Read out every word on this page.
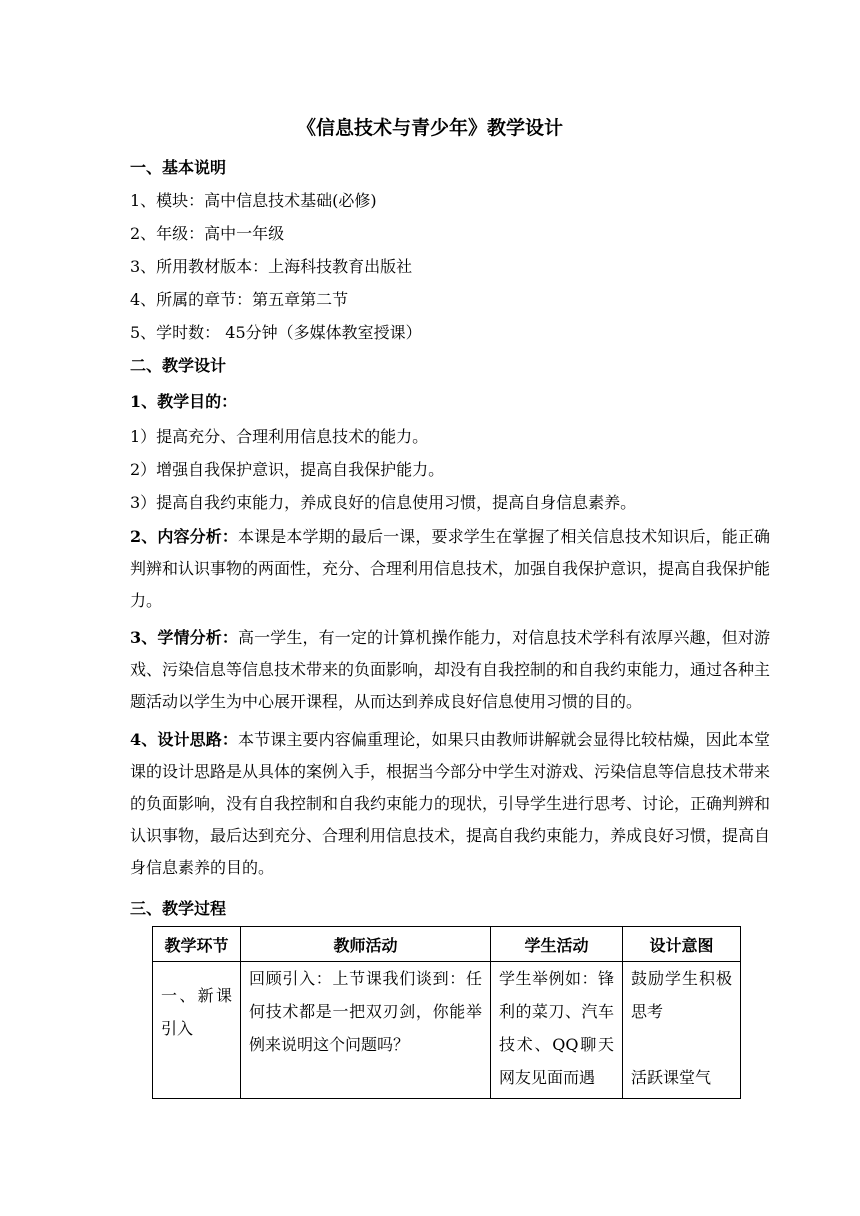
《信息技术与青少年》教学设计
一、基本说明
1、模块：高中信息技术基础(必修)
2、年级：高中一年级
3、所用教材版本：上海科技教育出版社
4、所属的章节：第五章第二节
5、学时数： 45分钟（多媒体教室授课）
二、教学设计
1、教学目的：
1）提高充分、合理利用信息技术的能力。
2）增强自我保护意识，提高自我保护能力。
3）提高自我约束能力，养成良好的信息使用习惯，提高自身信息素养。
2、内容分析：本课是本学期的最后一课，要求学生在掌握了相关信息技术知识后，能正确判辨和认识事物的两面性，充分、合理利用信息技术，加强自我保护意识，提高自我保护能力。
3、学情分析：高一学生，有一定的计算机操作能力，对信息技术学科有浓厚兴趣，但对游戏、污染信息等信息技术带来的负面影响，却没有自我控制的和自我约束能力，通过各种主题活动以学生为中心展开课程，从而达到养成良好信息使用习惯的目的。
4、设计思路：本节课主要内容偏重理论，如果只由教师讲解就会显得比较枯燥，因此本堂课的设计思路是从具体的案例入手，根据当今部分中学生对游戏、污染信息等信息技术带来的负面影响，没有自我控制和自我约束能力的现状，引导学生进行思考、讨论，正确判辨和认识事物，最后达到充分、合理利用信息技术，提高自我约束能力，养成良好习惯，提高自身信息素养的目的。
三、教学过程
教学环节	教师活动	学生活动	设计意图

一、新课引入	回顾引入：上节课我们谈到：任何技术都是一把双刃剑，你能举例来说明这个问题吗？	学生举例如：锋利的菜刀、汽车技术、QQ聊天网友见面而遇	鼓励学生积极思考
活跃课堂气
